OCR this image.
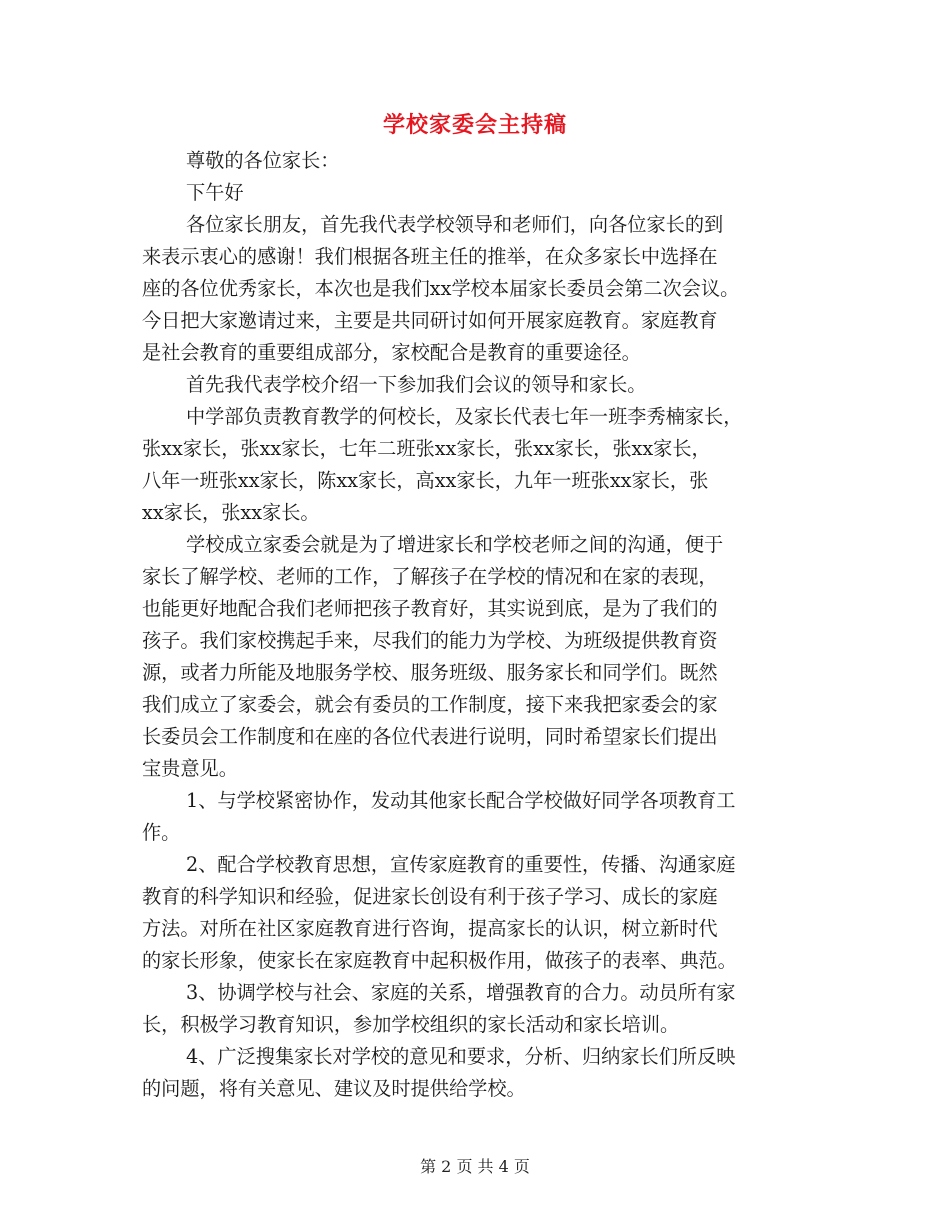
学校家委会主持稿
尊敬的各位家长：
下午好
各位家长朋友，首先我代表学校领导和老师们，向各位家长的到
来表示衷心的感谢！我们根据各班主任的推举，在众多家长中选择在
座的各位优秀家长，本次也是我们xx学校本届家长委员会第二次会议。
今日把大家邀请过来，主要是共同研讨如何开展家庭教育。家庭教育
是社会教育的重要组成部分，家校配合是教育的重要途径。
首先我代表学校介绍一下参加我们会议的领导和家长。
中学部负责教育教学的何校长，及家长代表七年一班李秀楠家长，
张xx家长，张xx家长，七年二班张xx家长，张xx家长，张xx家长，
八年一班张xx家长，陈xx家长，高xx家长，九年一班张xx家长，张
xx家长，张xx家长。
学校成立家委会就是为了增进家长和学校老师之间的沟通，便于
家长了解学校、老师的工作，了解孩子在学校的情况和在家的表现，
也能更好地配合我们老师把孩子教育好，其实说到底，是为了我们的
孩子。我们家校携起手来，尽我们的能力为学校、为班级提供教育资
源，或者力所能及地服务学校、服务班级、服务家长和同学们。既然
我们成立了家委会，就会有委员的工作制度，接下来我把家委会的家
长委员会工作制度和在座的各位代表进行说明，同时希望家长们提出
宝贵意见。
1、与学校紧密协作，发动其他家长配合学校做好同学各项教育工
作。
2、配合学校教育思想，宣传家庭教育的重要性，传播、沟通家庭
教育的科学知识和经验，促进家长创设有利于孩子学习、成长的家庭
方法。对所在社区家庭教育进行咨询，提高家长的认识，树立新时代
的家长形象，使家长在家庭教育中起积极作用，做孩子的表率、典范。
3、协调学校与社会、家庭的关系，增强教育的合力。动员所有家
长，积极学习教育知识，参加学校组织的家长活动和家长培训。
4、广泛搜集家长对学校的意见和要求，分析、归纳家长们所反映
的问题，将有关意见、建议及时提供给学校。
第 2 页 共 4 页
